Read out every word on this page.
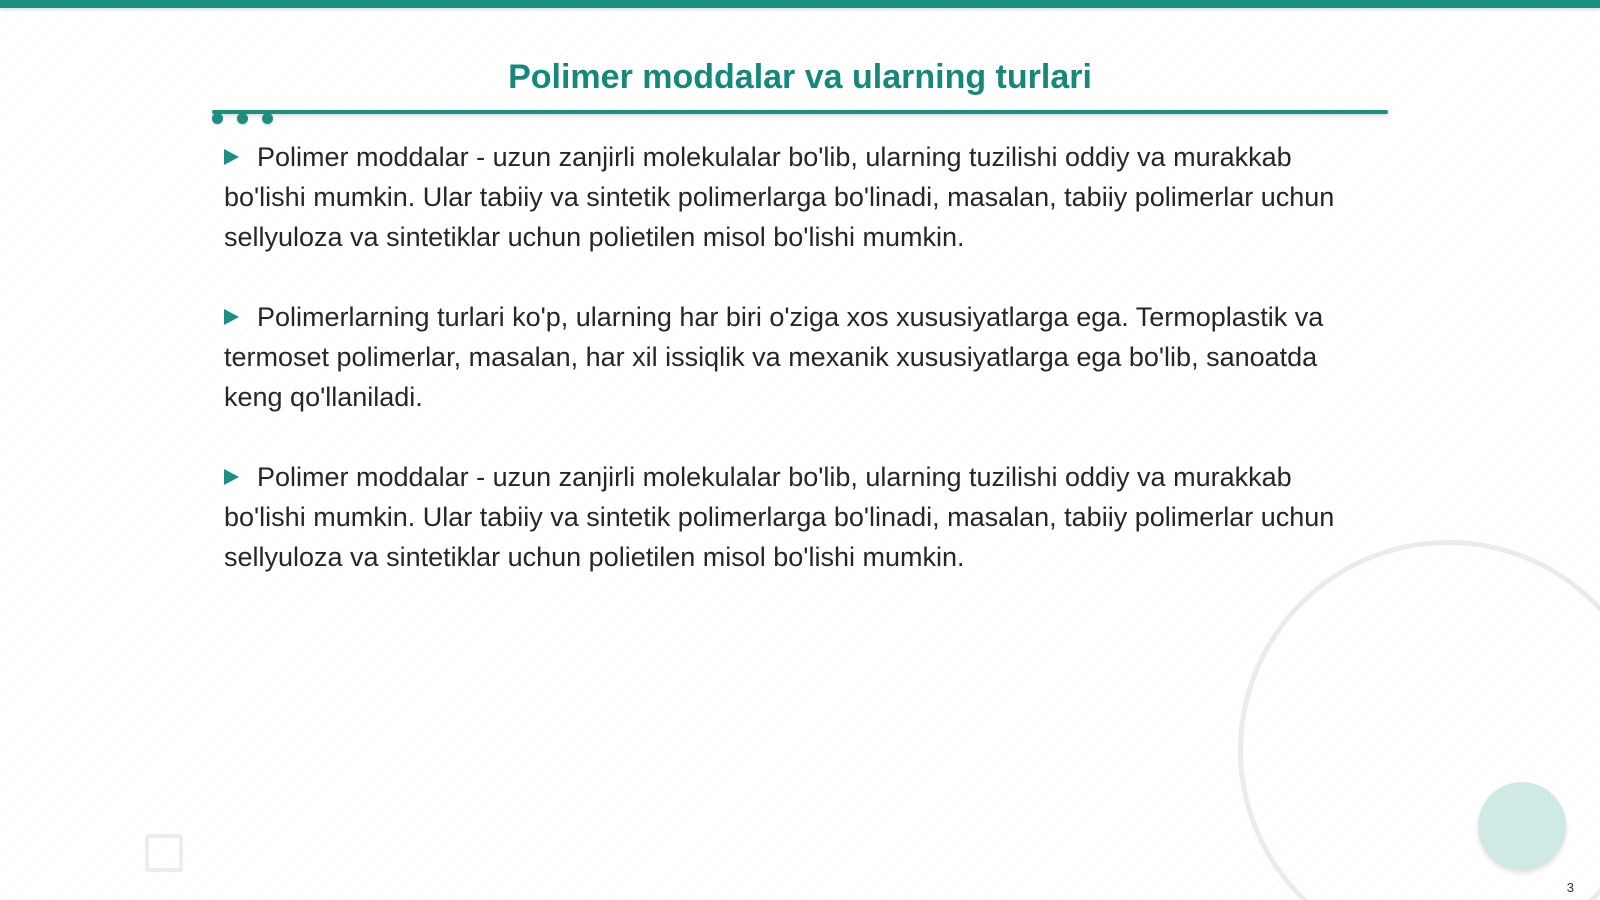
Polimer moddalar va ularning turlari

Polimer moddalar - uzun zanjirli molekulalar bo'lib, ularning tuzilishi oddiy va murakkab bo'lishi mumkin. Ular tabiiy va sintetik polimerlarga bo'linadi, masalan, tabiiy polimerlar uchun sellyuloza va sintetiklar uchun polietilen misol bo'lishi mumkin.

Polimerlarning turlari ko'p, ularning har biri o'ziga xos xususiyatlarga ega. Termoplastik va termoset polimerlar, masalan, har xil issiqlik va mexanik xususiyatlarga ega bo'lib, sanoatda keng qo'llaniladi.

Polimer moddalar - uzun zanjirli molekulalar bo'lib, ularning tuzilishi oddiy va murakkab bo'lishi mumkin. Ular tabiiy va sintetik polimerlarga bo'linadi, masalan, tabiiy polimerlar uchun sellyuloza va sintetiklar uchun polietilen misol bo'lishi mumkin.

3
